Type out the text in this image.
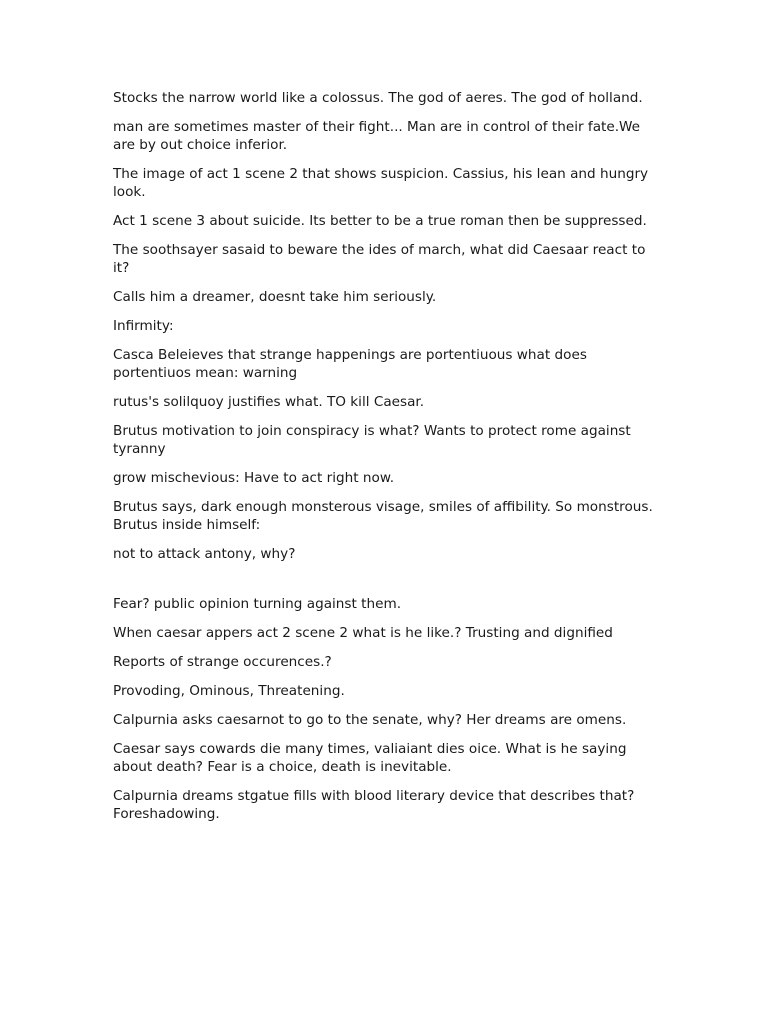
Stocks the narrow world like a colossus. The god of aeres. The god of holland.

man are sometimes master of their fight... Man are in control of their fate.We are by out choice inferior.

The image of act 1 scene 2 that shows suspicion. Cassius, his lean and hungry look.

Act 1 scene 3 about suicide. Its better to be a true roman then be suppressed.

The soothsayer sasaid to beware the ides of march, what did Caesaar react to it?

Calls him a dreamer, doesnt take him seriously.

Infirmity:

Casca Beleieves that strange happenings are portentiuous what does portentiuos mean: warning

rutus's solilquoy justifies what. TO kill Caesar.

Brutus motivation to join conspiracy is what? Wants to protect rome against tyranny

grow mischevious: Have to act right now.

Brutus says, dark enough monsterous visage, smiles of affibility. So monstrous. Brutus inside himself:

not to attack antony, why?

Fear? public opinion turning against them.

When caesar appers act 2 scene 2 what is he like.? Trusting and dignified

Reports of strange occurences.?

Provoding, Ominous, Threatening.

Calpurnia asks caesarnot to go to the senate, why? Her dreams are omens.

Caesar says cowards die many times, valiaiant dies oice. What is he saying about death? Fear is a choice, death is inevitable.

Calpurnia dreams stgatue fills with blood literary device that describes that? Foreshadowing.
